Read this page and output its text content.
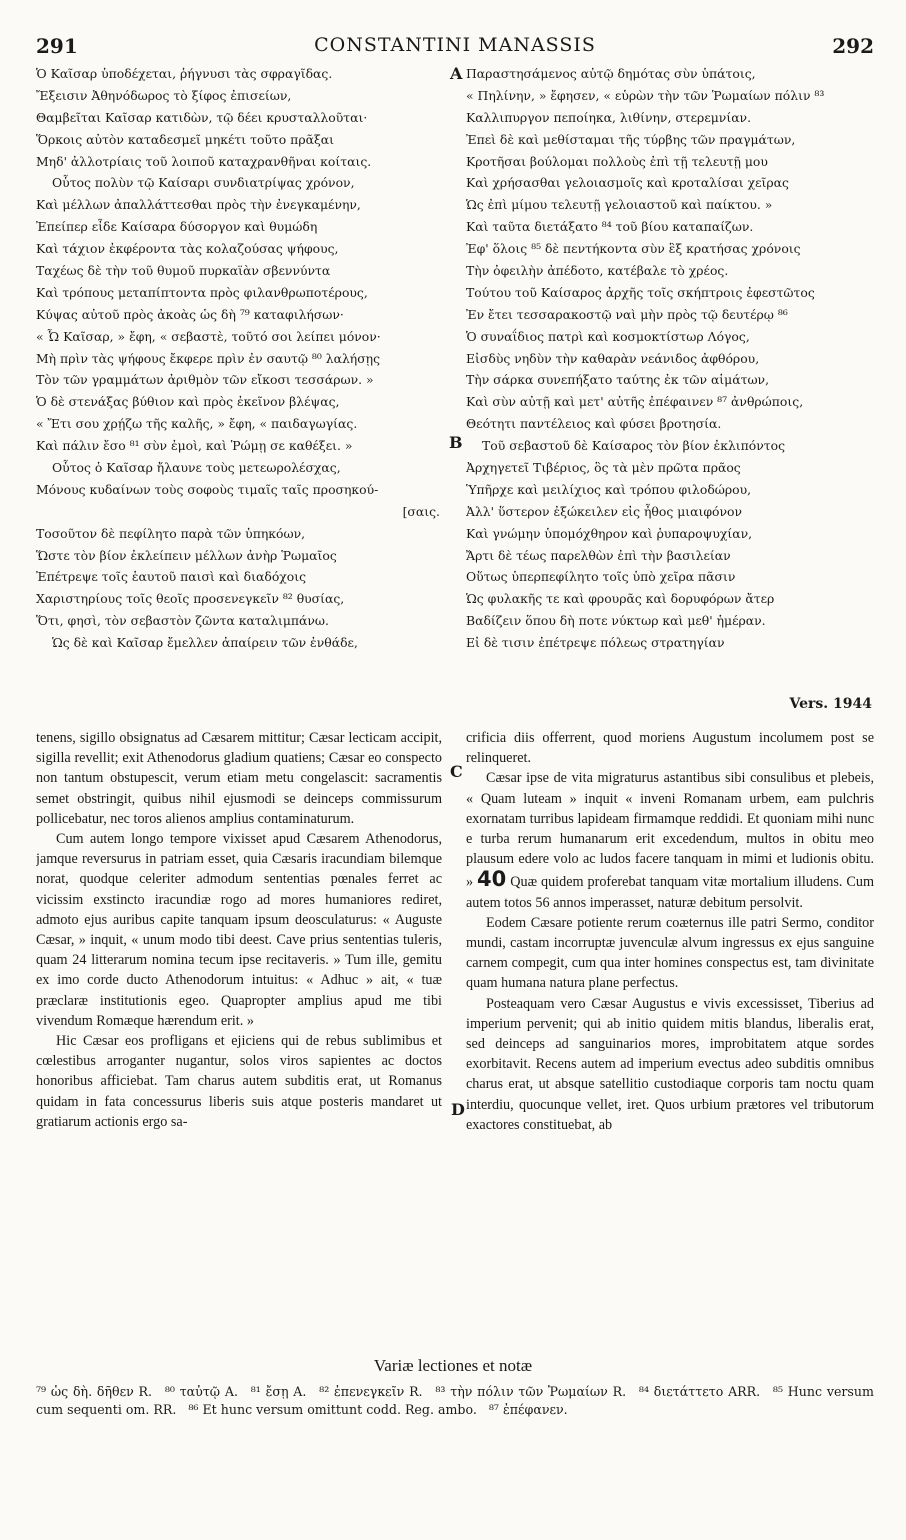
291	CONSTANTINI MANASSIS	292
A
B
C
D
Ὁ Καῖσαρ ὑποδέχεται, ῥήγνυσι τὰς σφραγῖδας.
Ἔξεισιν Ἀθηνόδωρος τὸ ξίφος ἐπισείων,
Θαμβεῖται Καῖσαρ κατιδὼν, τῷ δέει κρυσταλλοῦται·
Ὅρκοις αὐτὸν καταδεσμεῖ μηκέτι τοῦτο πρᾶξαι
Μηδ' ἀλλοτρίαις τοῦ λοιποῦ καταχρανθῆναι κοίταις.
Οὗτος πολὺν τῷ Καίσαρι συνδιατρίψας χρόνον,
Καὶ μέλλων ἀπαλλάττεσθαι πρὸς τὴν ἐνεγκαμένην,
Ἐπείπερ εἶδε Καίσαρα δύσοργον καὶ θυμώδη
Καὶ τάχιον ἐκφέροντα τὰς κολαζούσας ψήφους,
Ταχέως δὲ τὴν τοῦ θυμοῦ πυρκαϊὰν σβεννύντα
Καὶ τρόπους μεταπίπτοντα πρὸς φιλανθρωποτέρους,
Κύψας αὐτοῦ πρὸς ἀκοὰς ὡς δὴ ⁷⁹ καταφιλήσων·
« Ὦ Καῖσαρ, » ἔφη, « σεβαστὲ, τοῦτό σοι λείπει μόνον·
Μὴ πρὶν τὰς ψήφους ἔκφερε πρὶν ἐν σαυτῷ ⁸⁰ λαλήσῃς
Τὸν τῶν γραμμάτων ἀριθμὸν τῶν εἴκοσι τεσσάρων. »
Ὁ δὲ στενάξας βύθιον καὶ πρὸς ἐκεῖνον βλέψας,
« Ἔτι σου χρῄζω τῆς καλῆς, » ἔφη, « παιδαγωγίας.
Καὶ πάλιν ἔσο ⁸¹ σὺν ἐμοὶ, καὶ Ῥώμῃ σε καθέξει. »
Οὗτος ὁ Καῖσαρ ἤλαυνε τοὺς μετεωρολέσχας,
Μόνους κυδαίνων τοὺς σοφοὺς τιμαῖς ταῖς προσηκού-
[σαις.
Τοσοῦτον δὲ πεφίλητο παρὰ τῶν ὑπηκόων,
Ὥστε τὸν βίον ἐκλείπειν μέλλων ἀνὴρ Ῥωμαῖος
Ἐπέτρεψε τοῖς ἑαυτοῦ παισὶ καὶ διαδόχοις
Χαριστηρίους τοῖς θεοῖς προσενεγκεῖν ⁸² θυσίας,
Ὅτι, φησὶ, τὸν σεβαστὸν ζῶντα καταλιμπάνω.
Ὡς δὲ καὶ Καῖσαρ ἔμελλεν ἀπαίρειν τῶν ἐνθάδε,
Παραστησάμενος αὐτῷ δημότας σὺν ὑπάτοις,
« Πηλίνην, » ἔφησεν, « εὑρὼν τὴν τῶν Ῥωμαίων πόλιν ⁸³
Καλλιπυργον πεποίηκα, λιθίνην, στερεμνίαν.
Ἐπεὶ δὲ καὶ μεθίσταμαι τῆς τύρβης τῶν πραγμάτων,
Κροτῆσαι βούλομαι πολλοὺς ἐπὶ τῇ τελευτῇ μου
Καὶ χρήσασθαι γελοιασμοῖς καὶ κροταλίσαι χεῖρας
Ὡς ἐπὶ μίμου τελευτῇ γελοιαστοῦ καὶ παίκτου. »
Καὶ ταῦτα διετάξατο ⁸⁴ τοῦ βίου καταπαίζων.
Ἐφ' ὅλοις ⁸⁵ δὲ πεντήκοντα σὺν ἓξ κρατήσας χρόνοις
Τὴν ὀφειλὴν ἀπέδοτο, κατέβαλε τὸ χρέος.
Τούτου τοῦ Καίσαρος ἀρχῆς τοῖς σκήπτροις ἐφεστῶτος
Ἐν ἔτει τεσσαρακοστῷ ναὶ μὴν πρὸς τῷ δευτέρῳ ⁸⁶
Ὁ συναΐδιος πατρὶ καὶ κοσμοκτίστωρ Λόγος,
Εἰσδὺς νηδὺν τὴν καθαρὰν νεάνιδος ἀφθόρου,
Τὴν σάρκα συνεπήξατο ταύτης ἐκ τῶν αἱμάτων,
Καὶ σὺν αὐτῇ καὶ μετ' αὐτῆς ἐπέφαινεν ⁸⁷ ἀνθρώποις,
Θεότητι παντέλειος καὶ φύσει βροτησία.
Τοῦ σεβαστοῦ δὲ Καίσαρος τὸν βίον ἐκλιπόντος
Ἀρχηγετεῖ Τιβέριος, ὃς τὰ μὲν πρῶτα πρᾶος
Ὑπῆρχε καὶ μειλίχιος καὶ τρόπου φιλοδώρου,
Ἀλλ' ὕστερον ἐξώκειλεν εἰς ἦθος μιαιφόνον
Καὶ γνώμην ὑπομόχθηρον καὶ ῥυπαροψυχίαν,
Ἄρτι δὲ τέως παρελθὼν ἐπὶ τὴν βασιλείαν
Οὕτως ὑπερπεφίλητο τοῖς ὑπὸ χεῖρα πᾶσιν
Ὡς φυλακῆς τε καὶ φρουρᾶς καὶ δορυφόρων ἄτερ
Βαδίζειν ὅπου δὴ ποτε νύκτωρ καὶ μεθ' ἡμέραν.
Εἰ δὲ τισιν ἐπέτρεψε πόλεως στρατηγίαν
Vers. 1944

tenens, sigillo obsignatus ad Cæsarem mittitur; Cæsar lecticam accipit, sigilla revellit; exit Athenodorus gladium quatiens; Cæsar eo conspecto non tantum obstupescit, verum etiam metu congelascit: sacramentis semet obstringit, quibus nihil ejusmodi se deinceps commissurum pollicebatur, nec toros alienos amplius contaminaturum.

Cum autem longo tempore vixisset apud Cæsarem Athenodorus, jamque reversurus in patriam esset, quia Cæsaris iracundiam bilemque norat, quodque celeriter admodum sententias pœnales ferret ac vicissim exstincto iracundiæ rogo ad mores humaniores rediret, admoto ejus auribus capite tanquam ipsum deosculaturus: « Auguste Cæsar, » inquit, « unum modo tibi deest. Cave prius sententias tuleris, quam 24 litterarum nomina tecum ipse recitaveris. » Tum ille, gemitu ex imo corde ducto Athenodorum intuitus: « Adhuc » ait, « tuæ præclaræ institutionis egeo. Quapropter amplius apud me tibi vivendum Romæque hærendum erit. »

Hic Cæsar eos profligans et ejiciens qui de rebus sublimibus et cœlestibus arroganter nugantur, solos viros sapientes ac doctos honoribus afficiebat. Tam charus autem subditis erat, ut Romanus quidam in fata concessurus liberis suis atque posteris mandaret ut gratiarum actionis ergo sa-

crificia diis offerrent, quod moriens Augustum incolumem post se relinqueret.

Cæsar ipse de vita migraturus astantibus sibi consulibus et plebeis, « Quam luteam » inquit « inveni Romanam urbem, eam pulchris exornatam turribus lapideam firmamque reddidi. Et quoniam mihi nunc e turba rerum humanarum erit excedendum, multos in obitu meo plausum edere volo ac ludos facere tanquam in mimi et ludionis obitu. » 40 Quæ quidem proferebat tanquam vitæ mortalium illudens. Cum autem totos 56 annos imperasset, naturæ debitum persolvit.

Eodem Cæsare potiente rerum coæternus ille patri Sermo, conditor mundi, castam incorruptæ juvenculæ alvum ingressus ex ejus sanguine carnem compegit, cum qua inter homines conspectus est, tam divinitate quam humana natura plane perfectus.

Posteaquam vero Cæsar Augustus e vivis excessisset, Tiberius ad imperium pervenit; qui ab initio quidem mitis blandus, liberalis erat, sed deinceps ad sanguinarios mores, improbitatem atque sordes exorbitavit. Recens autem ad imperium evectus adeo subditis omnibus charus erat, ut absque satellitio custodiaque corporis tam noctu quam interdiu, quocunque vellet, iret. Quos urbium prætores vel tributorum exactores constituebat, ab

Variæ lectiones et notæ
⁷⁹ ὡς δὴ. δῆθεν R. ⁸⁰ ταὐτῷ A. ⁸¹ ἔσῃ A. ⁸² ἐπενεγκεῖν R. ⁸³ τὴν πόλιν τῶν Ῥωμαίων R. ⁸⁴ διετάττετο ARR. ⁸⁵ Hunc versum cum sequenti om. RR. ⁸⁶ Et hunc versum omittunt codd. Reg. ambo. ⁸⁷ ἐπέφανεν.
